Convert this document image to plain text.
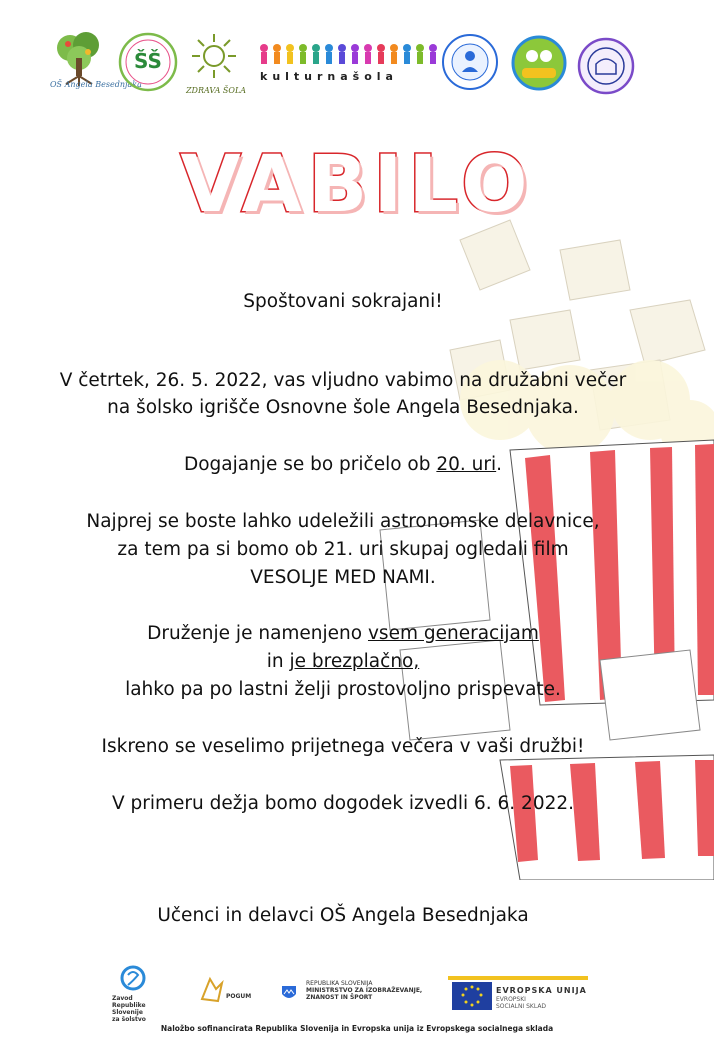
OŠ Angela Besednjaka
ŠŠ
ZDRAVA ŠOLA
kulturnašola
VABILO
Spoštovani sokrajani!
V četrtek, 26. 5. 2022, vas vljudno vabimo na družabni večer
na šolsko igrišče Osnovne šole Angela Besednjaka.
Dogajanje se bo pričelo ob 20. uri.
Najprej se boste lahko udeležili astronomske delavnice,
za tem pa si bomo ob 21. uri skupaj ogledali film
VESOLJE MED NAMI.
Druženje je namenjeno vsem generacijam
in je brezplačno,
lahko pa po lastni želji prostovoljno prispevate.
Iskreno se veselimo prijetnega večera v vaši družbi!
V primeru dežja bomo dogodek izvedli 6. 6. 2022.
Učenci in delavci OŠ Angela Besednjaka
Zavod
Republike
Slovenije
za šolstvo
POGUM
REPUBLIKA SLOVENIJA
MINISTRSTVO ZA IZOBRAŽEVANJE,
ZNANOST IN ŠPORT
EVROPSKA UNIJA
EVROPSKI
SOCIALNI SKLAD
Naložbo sofinancirata Republika Slovenija in Evropska unija iz Evropskega socialnega sklada
